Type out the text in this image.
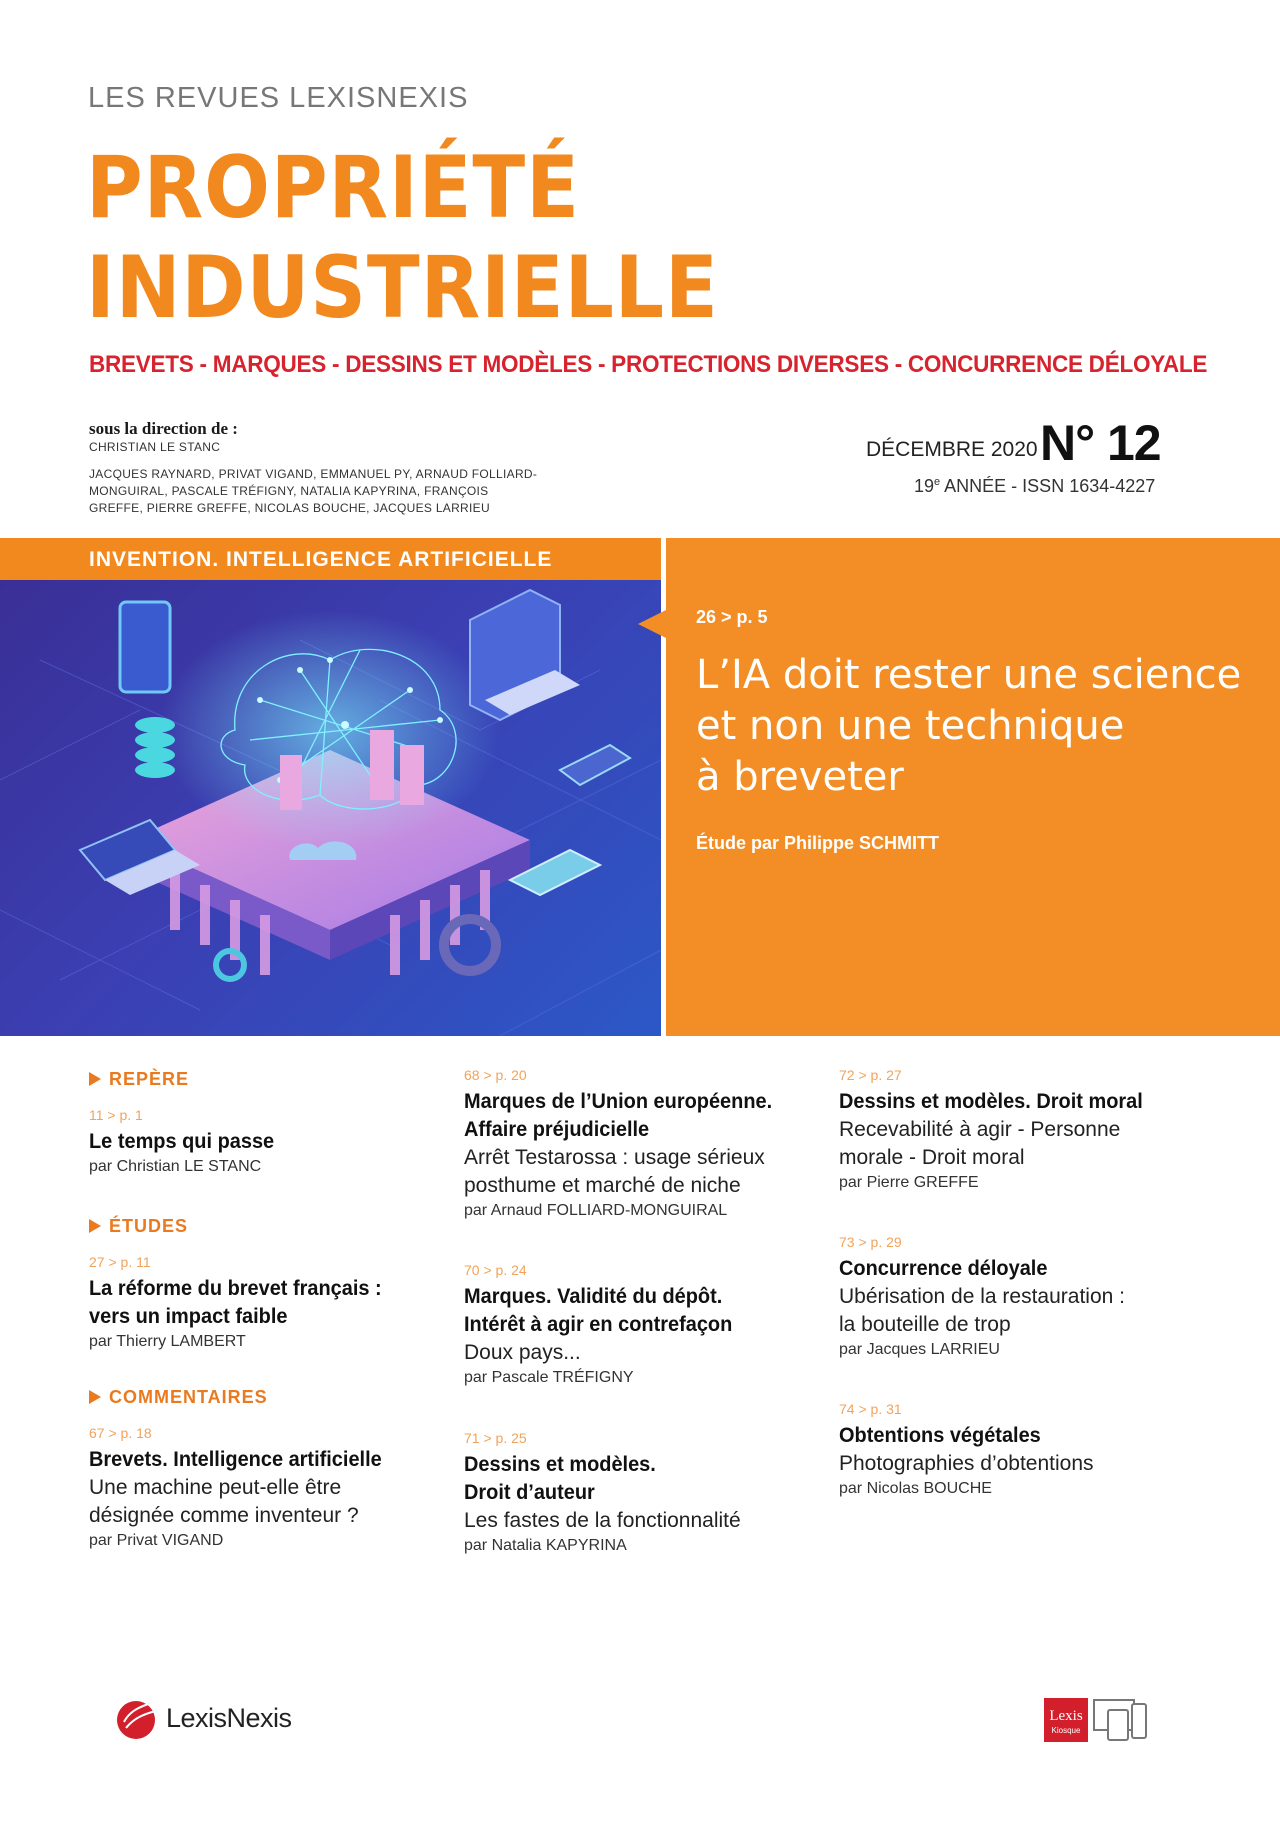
LES REVUES LEXISNEXIS
PROPRIÉTÉ
INDUSTRIELLE
BREVETS - MARQUES - DESSINS ET MODÈLES - PROTECTIONS DIVERSES - CONCURRENCE DÉLOYALE
sous la direction de :
CHRISTIAN LE STANC
JACQUES RAYNARD, PRIVAT VIGAND, EMMANUEL PY, ARNAUD FOLLIARD-MONGUIRAL, PASCALE TRÉFIGNY, NATALIA KAPYRINA, FRANÇOIS GREFFE, PIERRE GREFFE, NICOLAS BOUCHE, JACQUES LARRIEU
DÉCEMBRE 2020 -
N° 12
19e ANNÉE - ISSN 1634-4227
INVENTION. INTELLIGENCE ARTIFICIELLE
26 > p. 5
L’IA doit rester une science
et non une technique
à breveter
Étude par Philippe SCHMITT
REPÈRE
11 > p. 1
Le temps qui passe
par Christian LE STANC
ÉTUDES
27 > p. 11
La réforme du brevet français :
vers un impact faible
par Thierry LAMBERT
COMMENTAIRES
67 > p. 18
Brevets. Intelligence artificielle
Une machine peut-elle être
désignée comme inventeur ?
par Privat VIGAND
68 > p. 20
Marques de l’Union européenne.
Affaire préjudicielle
Arrêt Testarossa : usage sérieux
posthume et marché de niche
par Arnaud FOLLIARD-MONGUIRAL
70 > p. 24
Marques. Validité du dépôt.
Intérêt à agir en contrefaçon
Doux pays...
par Pascale TRÉFIGNY
71 > p. 25
Dessins et modèles.
Droit d’auteur
Les fastes de la fonctionnalité
par Natalia KAPYRINA
72 > p. 27
Dessins et modèles. Droit moral
Recevabilité à agir - Personne
morale - Droit moral
par Pierre GREFFE
73 > p. 29
Concurrence déloyale
Ubérisation de la restauration :
la bouteille de trop
par Jacques LARRIEU
74 > p. 31
Obtentions végétales
Photographies d’obtentions
par Nicolas BOUCHE
LexisNexis	Lexis
Kiosque
